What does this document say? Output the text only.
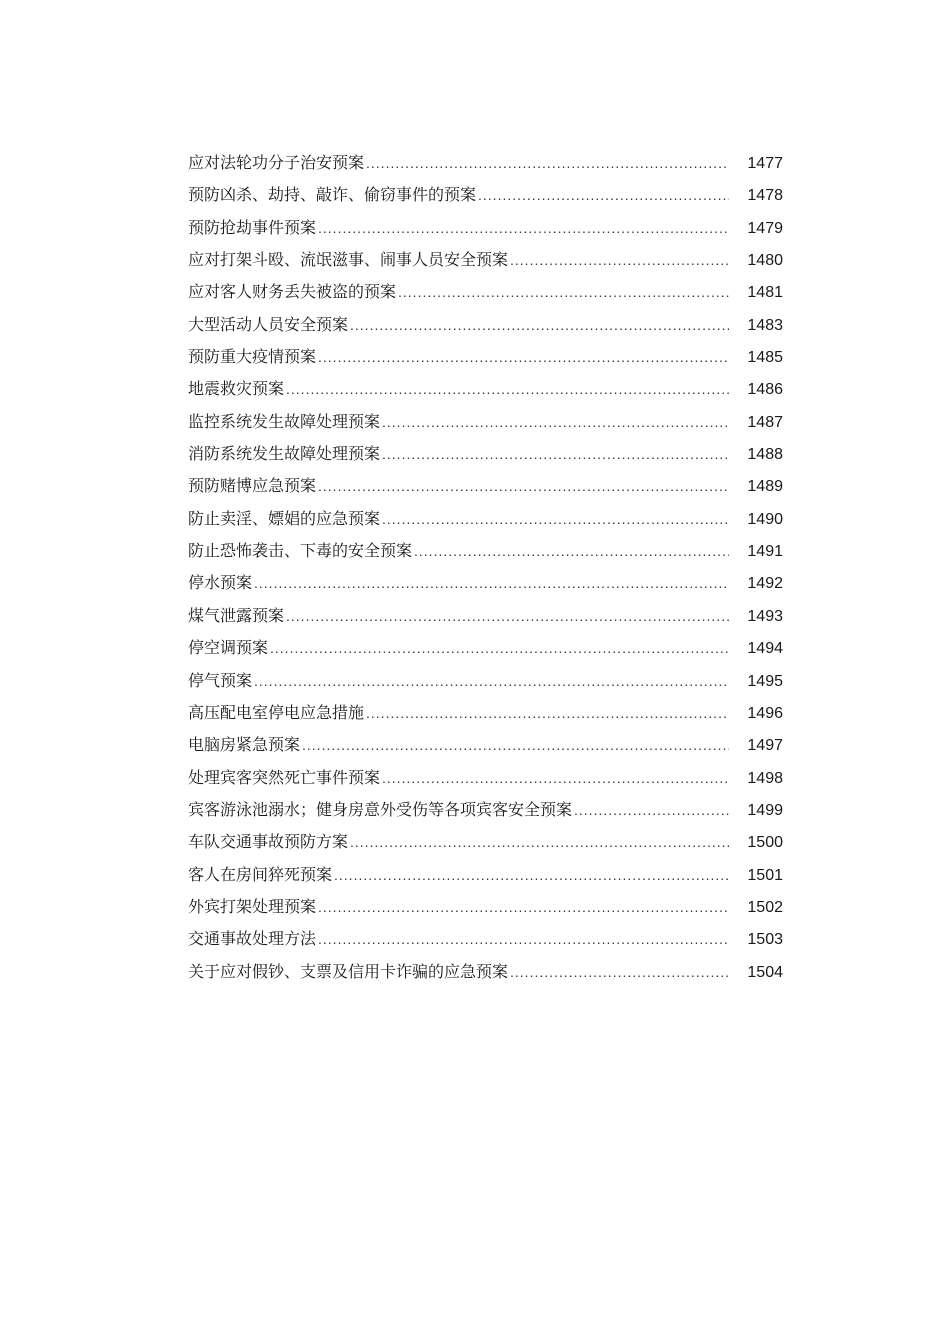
应对法轮功分子治安预案 .....	1477
预防凶杀、劫持、敲诈、偷窃事件的预案 .....	1478
预防抢劫事件预案 .....	1479
应对打架斗殴、流氓滋事、闹事人员安全预案 .....	1480
应对客人财务丢失被盗的预案 .....	1481
大型活动人员安全预案 .....	1483
预防重大疫情预案 .....	1485
地震救灾预案 .....	1486
监控系统发生故障处理预案 .....	1487
消防系统发生故障处理预案 .....	1488
预防赌博应急预案 .....	1489
防止卖淫、嫖娼的应急预案 .....	1490
防止恐怖袭击、下毒的安全预案 .....	1491
停水预案 .....	1492
煤气泄露预案 .....	1493
停空调预案 .....	1494
停气预案 .....	1495
高压配电室停电应急措施 .....	1496
电脑房紧急预案 .....	1497
处理宾客突然死亡事件预案 .....	1498
宾客游泳池溺水；健身房意外受伤等各项宾客安全预案 .....	1499
车队交通事故预防方案 .....	1500
客人在房间猝死预案 .....	1501
外宾打架处理预案 .....	1502
交通事故处理方法 .....	1503
关于应对假钞、支票及信用卡诈骗的应急预案 .....	1504
